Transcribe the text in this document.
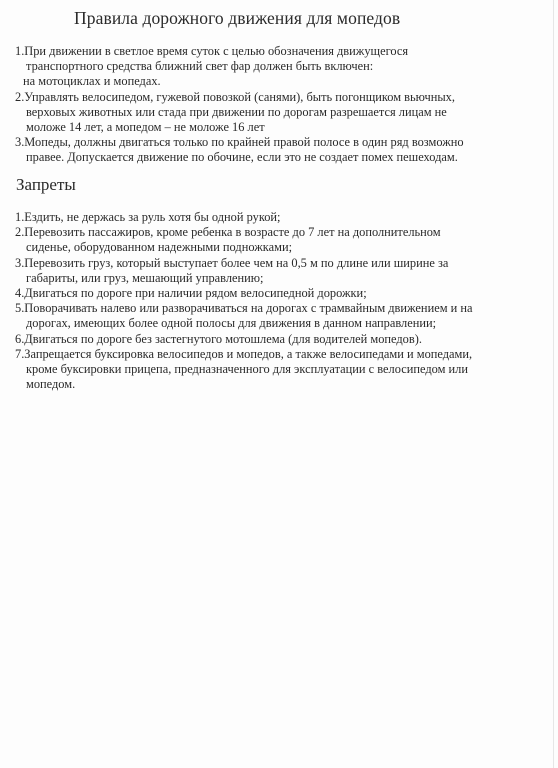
Правила дорожного движения для мопедов
1.При движении в светлое время суток с целью обозначения движущегося
транспортного средства ближний свет фар должен быть включен:
на мотоциклах и мопедах.
2.Управлять велосипедом, гужевой повозкой (санями), быть погонщиком вьючных,
верховых животных или стада при движении по дорогам разрешается лицам не
моложе 14 лет, а мопедом – не моложе 16 лет
3.Мопеды, должны двигаться только по крайней правой полосе в один ряд возможно
правее. Допускается движение по обочине, если это не создает помех пешеходам.
Запреты
1.Ездить, не держась за руль хотя бы одной рукой;
2.Перевозить пассажиров, кроме ребенка в возрасте до 7 лет на дополнительном
сиденье, оборудованном надежными подножками;
3.Перевозить груз, который выступает более чем на 0,5 м по длине или ширине за
габариты, или груз, мешающий управлению;
4.Двигаться по дороге при наличии рядом велосипедной дорожки;
5.Поворачивать налево или разворачиваться на дорогах с трамвайным движением и на
дорогах, имеющих более одной полосы для движения в данном направлении;
6.Двигаться по дороге без застегнутого мотошлема (для водителей мопедов).
7.Запрещается буксировка велосипедов и мопедов, а также велосипедами и мопедами,
кроме буксировки прицепа, предназначенного для эксплуатации с велосипедом или
мопедом.
